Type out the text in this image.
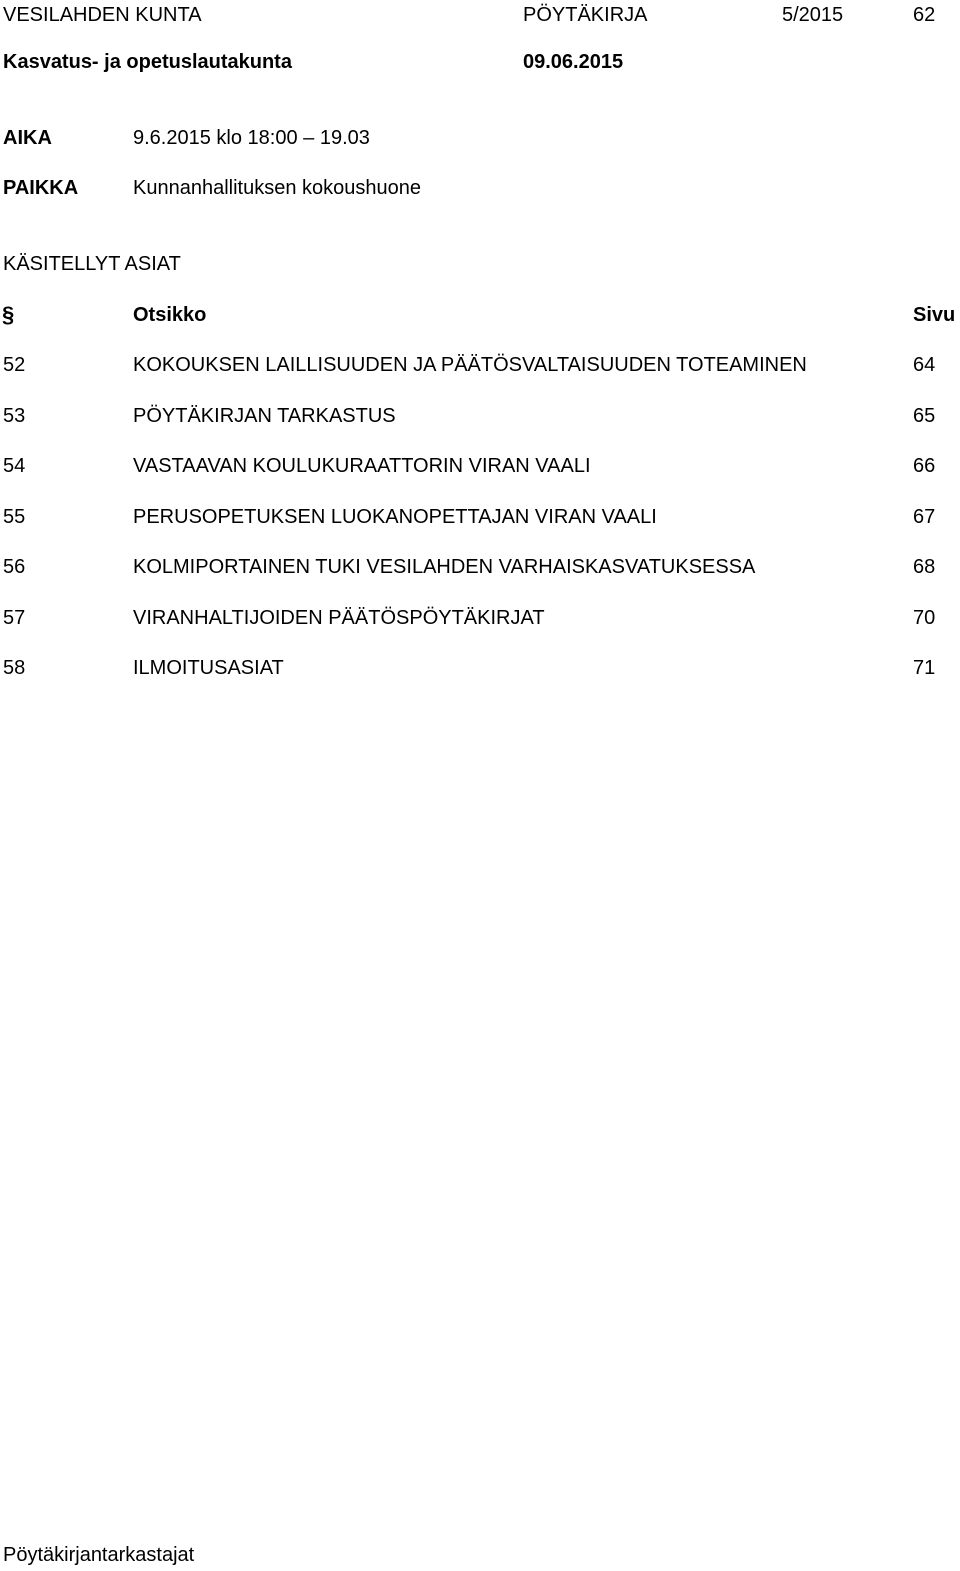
VESILAHDEN KUNTA	PÖYTÄKIRJA	5/2015	62
Kasvatus- ja opetuslautakunta	09.06.2015
AIKA	9.6.2015 klo 18:00 – 19.03
PAIKKA	Kunnanhallituksen kokoushuone
KÄSITELLYT ASIAT
§	Otsikko	Sivu
52	KOKOUKSEN LAILLISUUDEN JA PÄÄTÖSVALTAISUUDEN TOTEAMINEN	64
53	PÖYTÄKIRJAN TARKASTUS	65
54	VASTAAVAN KOULUKURAATTORIN VIRAN VAALI	66
55	PERUSOPETUKSEN LUOKANOPETTAJAN VIRAN VAALI	67
56	KOLMIPORTAINEN TUKI VESILAHDEN VARHAISKASVATUKSESSA	68
57	VIRANHALTIJOIDEN PÄÄTÖSPÖYTÄKIRJAT	70
58	ILMOITUSASIAT	71
Pöytäkirjantarkastajat
